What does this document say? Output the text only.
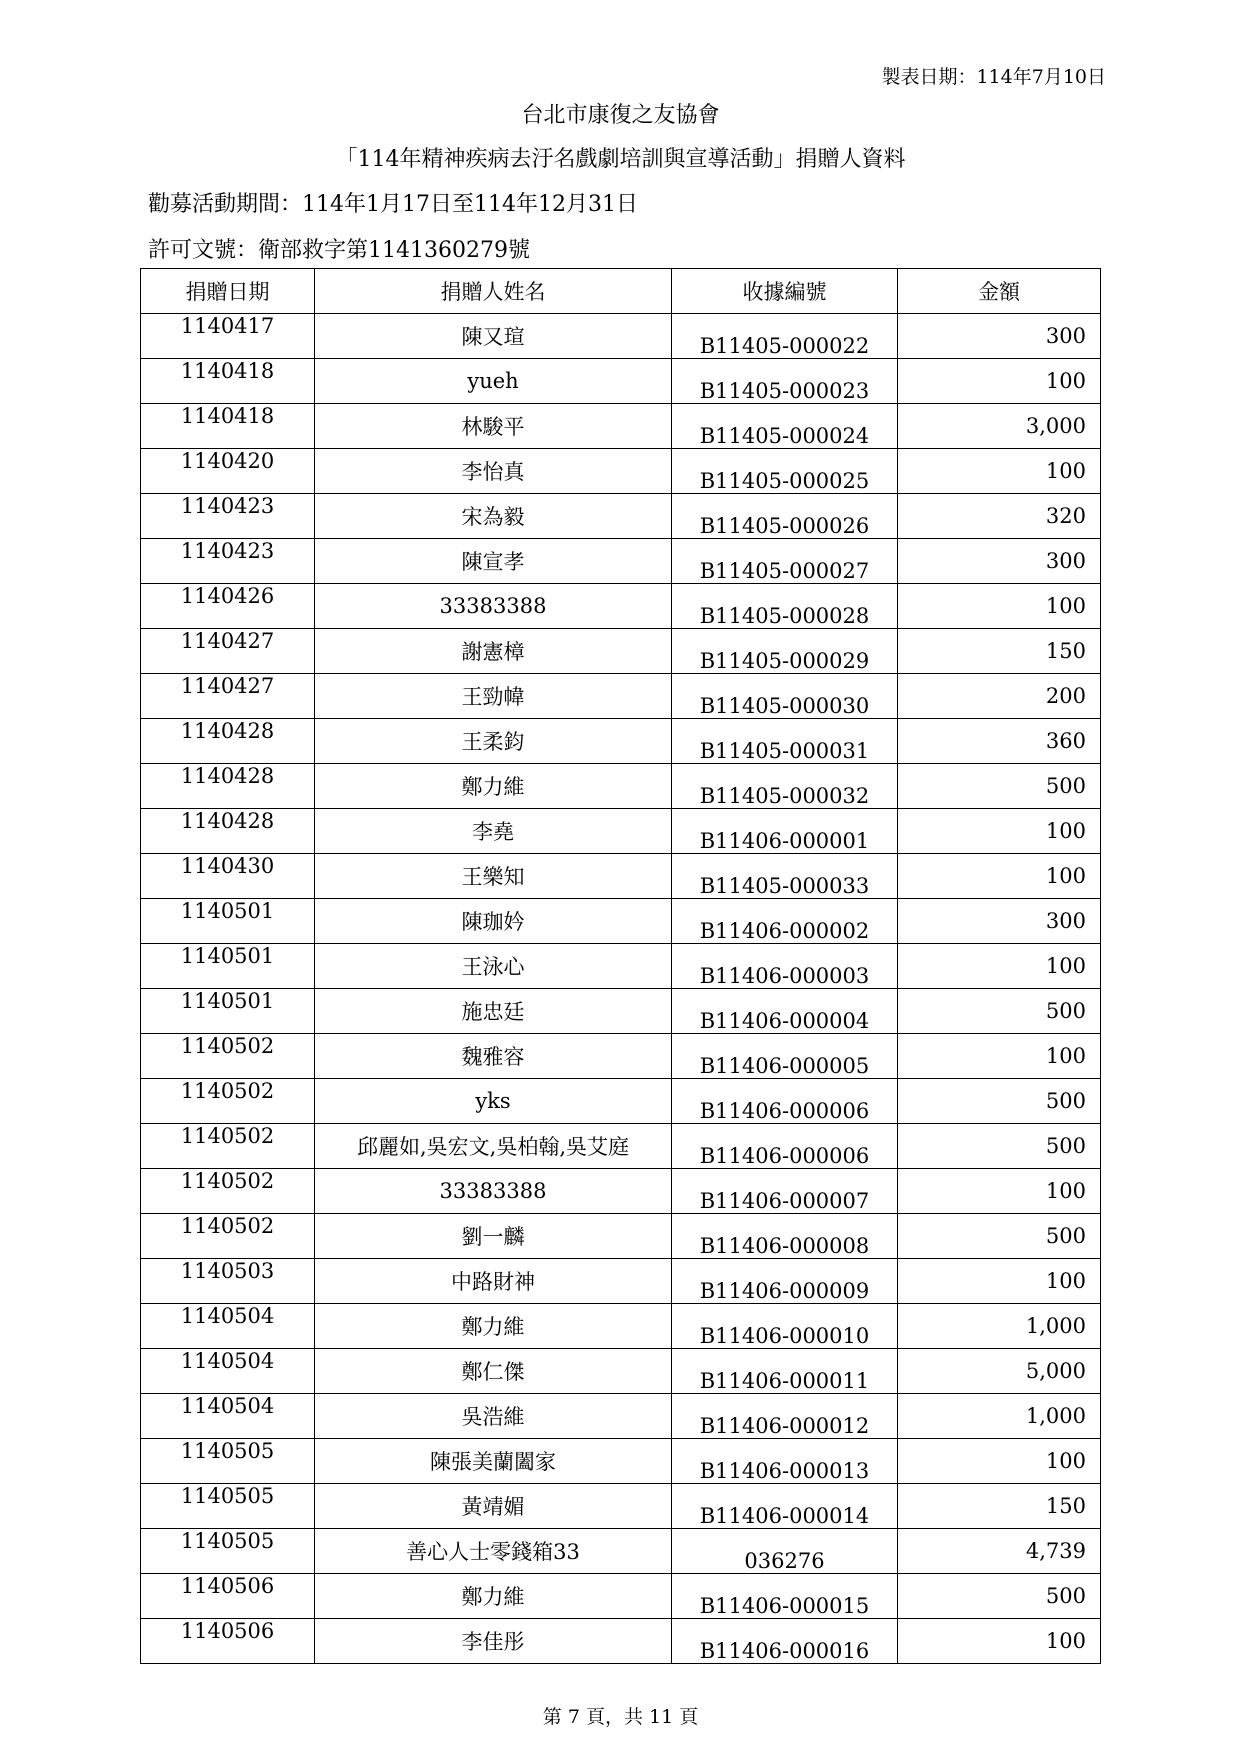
製表日期：114年7月10日
台北市康復之友協會
「114年精神疾病去汙名戲劇培訓與宣導活動」捐贈人資料
勸募活動期間：114年1月17日至114年12月31日
許可文號：衛部救字第1141360279號
捐贈日期	捐贈人姓名	收據編號	金額
1140417	陳又瑄	B11405-000022	300
1140418	yueh	B11405-000023	100
1140418	林駿平	B11405-000024	3,000
1140420	李怡真	B11405-000025	100
1140423	宋為毅	B11405-000026	320
1140423	陳宣孝	B11405-000027	300
1140426	33383388	B11405-000028	100
1140427	謝憲樟	B11405-000029	150
1140427	王勁幃	B11405-000030	200
1140428	王柔鈞	B11405-000031	360
1140428	鄭力維	B11405-000032	500
1140428	李堯	B11406-000001	100
1140430	王樂知	B11405-000033	100
1140501	陳珈妗	B11406-000002	300
1140501	王泳心	B11406-000003	100
1140501	施忠廷	B11406-000004	500
1140502	魏雅容	B11406-000005	100
1140502	yks	B11406-000006	500
1140502	邱麗如,吳宏文,吳柏翰,吳艾庭	B11406-000006	500
1140502	33383388	B11406-000007	100
1140502	劉一麟	B11406-000008	500
1140503	中路財神	B11406-000009	100
1140504	鄭力維	B11406-000010	1,000
1140504	鄭仁傑	B11406-000011	5,000
1140504	吳浩維	B11406-000012	1,000
1140505	陳張美蘭闔家	B11406-000013	100
1140505	黃靖媚	B11406-000014	150
1140505	善心人士零錢箱33	036276	4,739
1140506	鄭力維	B11406-000015	500
1140506	李佳彤	B11406-000016	100
第 7 頁，共 11 頁
